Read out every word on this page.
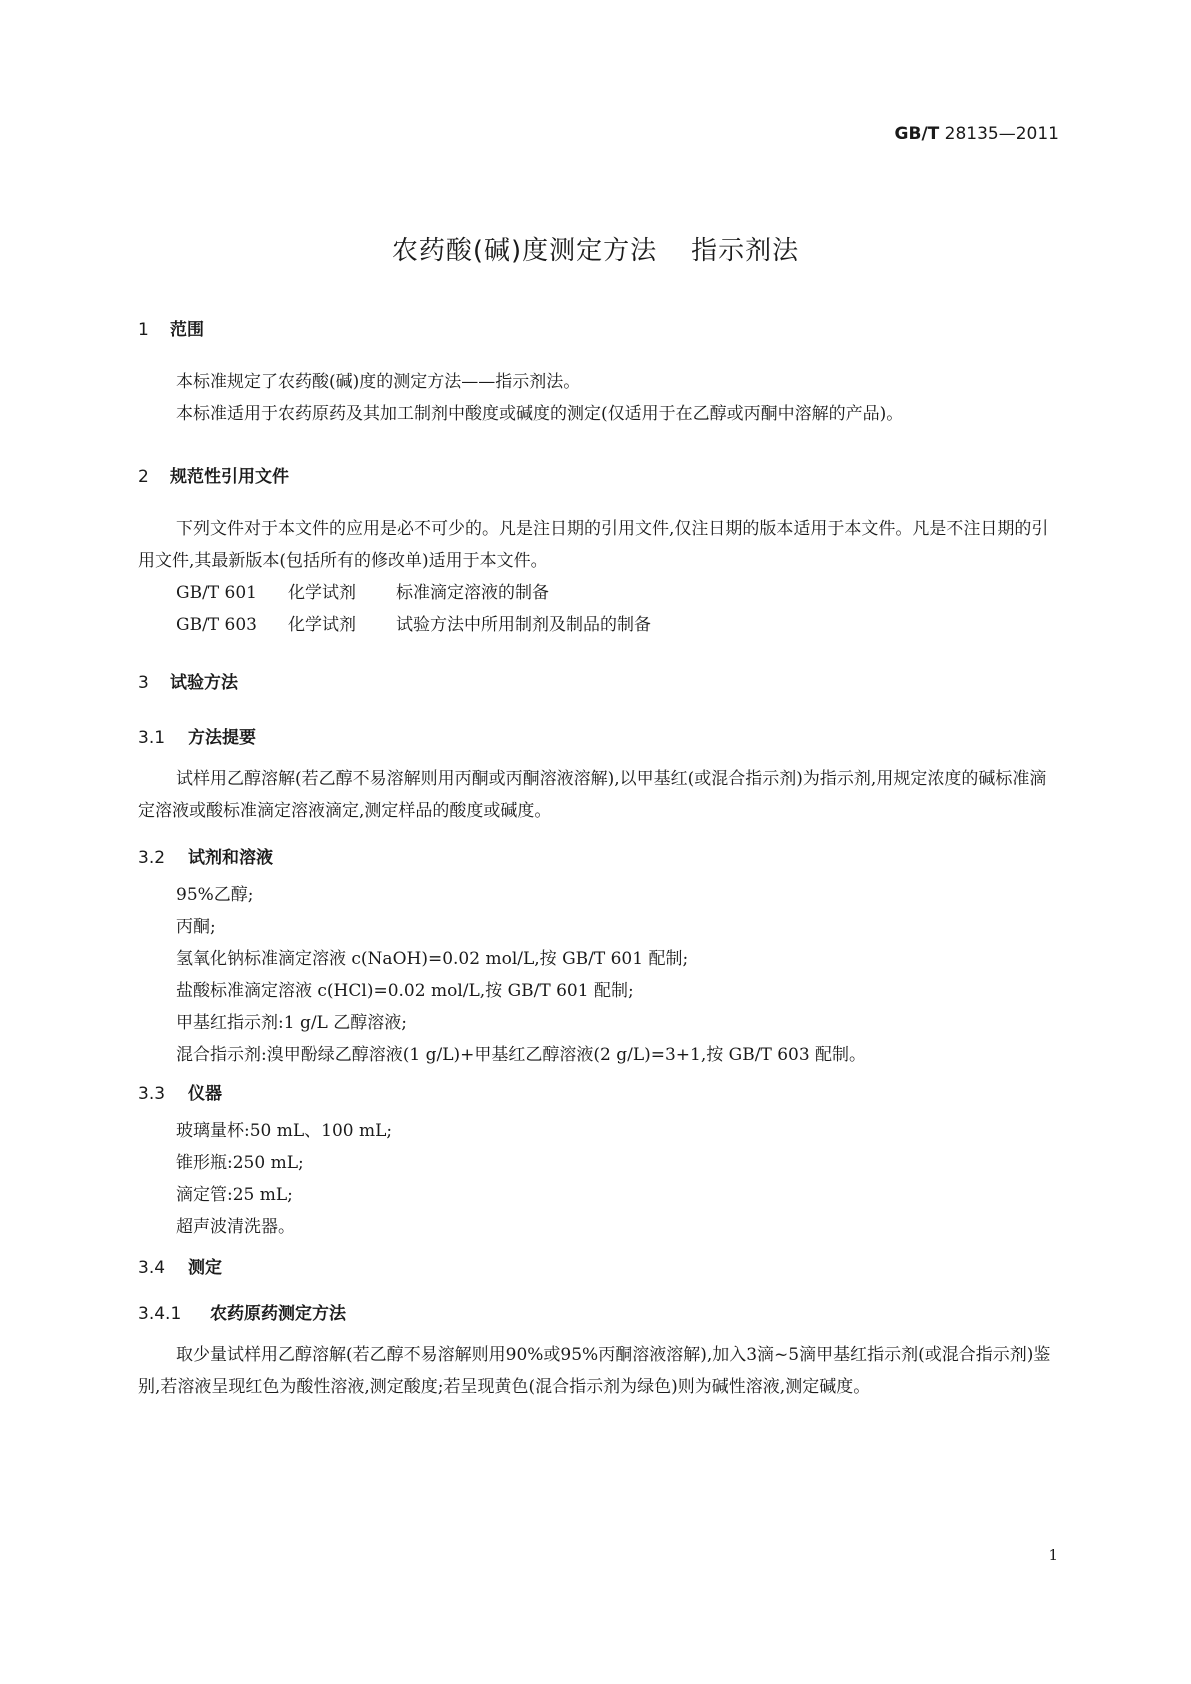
GB/T 28135—2011
农药酸(碱)度测定方法 指示剂法
1 范围
本标准规定了农药酸(碱)度的测定方法——指示剂法。
本标准适用于农药原药及其加工制剂中酸度或碱度的测定(仅适用于在乙醇或丙酮中溶解的产品)。
2 规范性引用文件
下列文件对于本文件的应用是必不可少的。凡是注日期的引用文件,仅注日期的版本适用于本文件。凡是不注日期的引用文件,其最新版本(包括所有的修改单)适用于本文件。
GB/T 601 化学试剂 标准滴定溶液的制备
GB/T 603 化学试剂 试验方法中所用制剂及制品的制备
3 试验方法
3.1 方法提要
试样用乙醇溶解(若乙醇不易溶解则用丙酮或丙酮溶液溶解),以甲基红(或混合指示剂)为指示剂,用规定浓度的碱标准滴定溶液或酸标准滴定溶液滴定,测定样品的酸度或碱度。
3.2 试剂和溶液
95%乙醇;
丙酮;
氢氧化钠标准滴定溶液 c(NaOH)=0.02 mol/L,按 GB/T 601 配制;
盐酸标准滴定溶液 c(HCl)=0.02 mol/L,按 GB/T 601 配制;
甲基红指示剂:1 g/L 乙醇溶液;
混合指示剂:溴甲酚绿乙醇溶液(1 g/L)+甲基红乙醇溶液(2 g/L)=3+1,按 GB/T 603 配制。
3.3 仪器
玻璃量杯:50 mL、100 mL;
锥形瓶:250 mL;
滴定管:25 mL;
超声波清洗器。
3.4 测定
3.4.1 农药原药测定方法
取少量试样用乙醇溶解(若乙醇不易溶解则用90%或95%丙酮溶液溶解),加入3滴~5滴甲基红指示剂(或混合指示剂)鉴别,若溶液呈现红色为酸性溶液,测定酸度;若呈现黄色(混合指示剂为绿色)则为碱性溶液,测定碱度。
1
